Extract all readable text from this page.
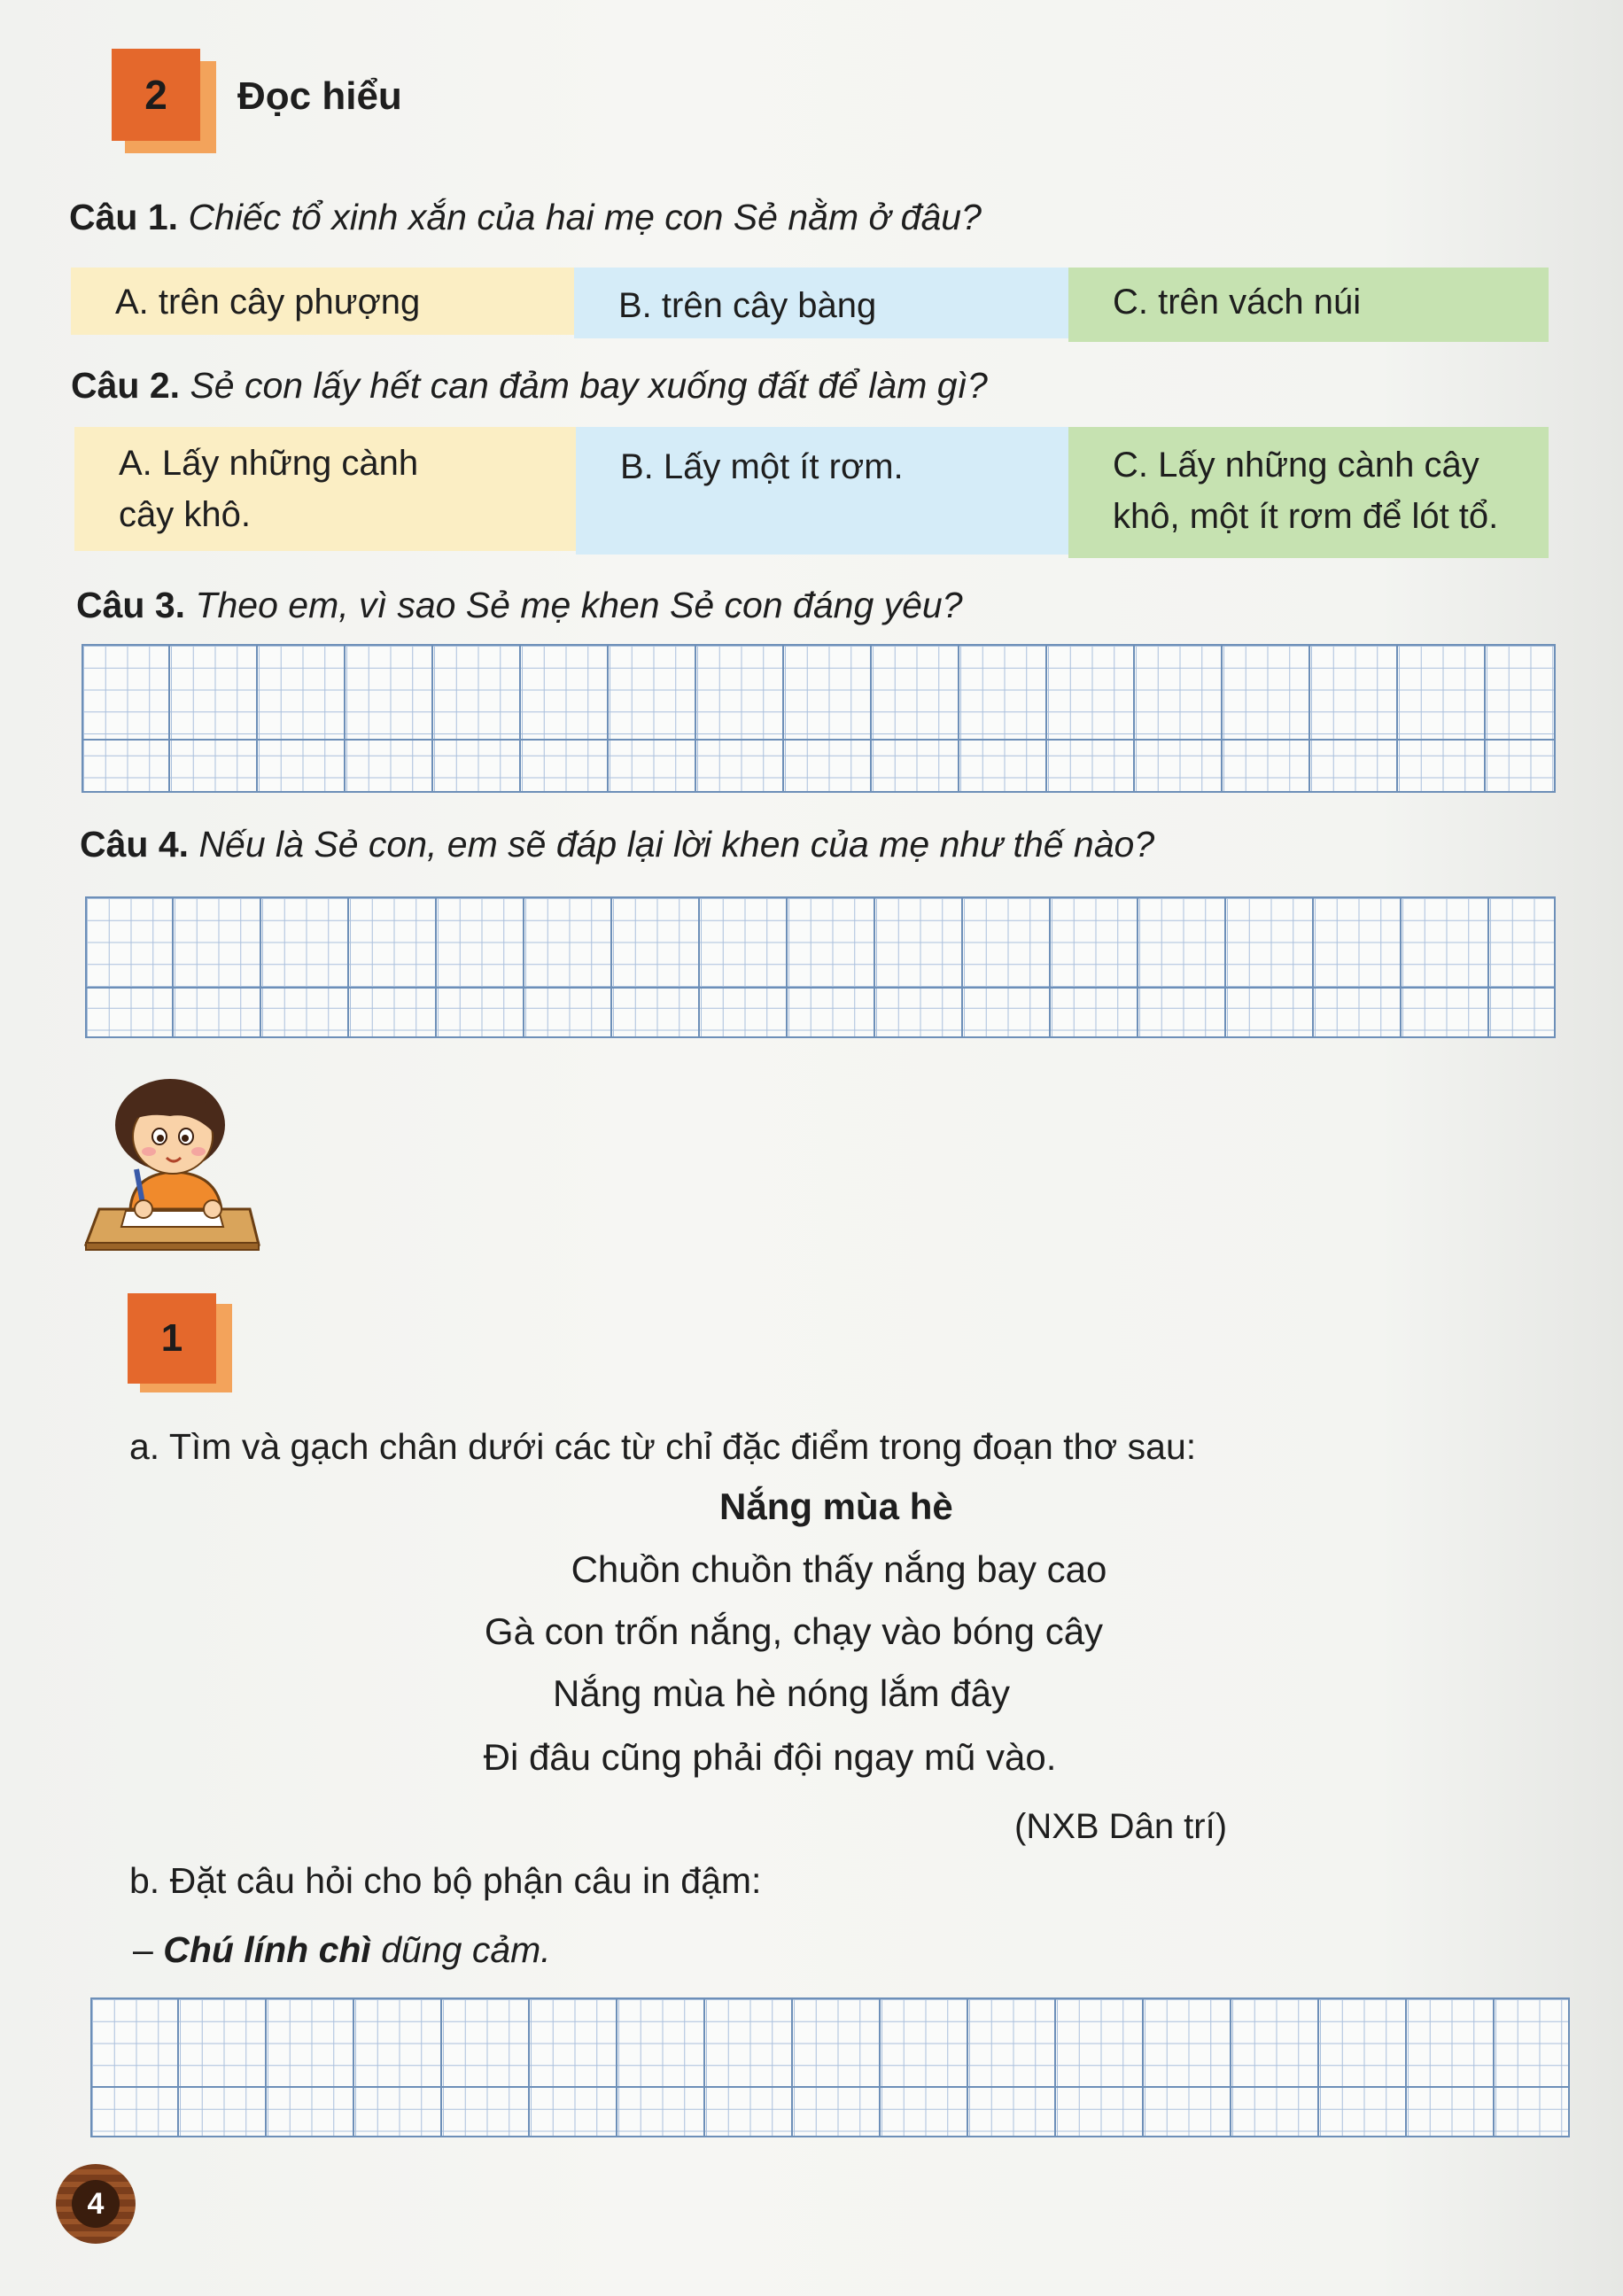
2	Đọc hiểu
Câu 1. Chiếc tổ xinh xắn của hai mẹ con Sẻ nằm ở đâu?
A. trên cây phượng	B. trên cây bàng	C. trên vách núi
Câu 2. Sẻ con lấy hết can đảm bay xuống đất để làm gì?
A. Lấy những cành
cây khô.
B. Lấy một ít rơm.	C. Lấy những cành cây
khô, một ít rơm để lót tổ.
Câu 3. Theo em, vì sao Sẻ mẹ khen Sẻ con đáng yêu?
Câu 4. Nếu là Sẻ con, em sẽ đáp lại lời khen của mẹ như thế nào?
1
a. Tìm và gạch chân dưới các từ chỉ đặc điểm trong đoạn thơ sau:
Nắng mùa hè
Chuồn chuồn thấy nắng bay cao
Gà con trốn nắng, chạy vào bóng cây
Nắng mùa hè nóng lắm đây
Đi đâu cũng phải đội ngay mũ vào.
(NXB Dân trí)
b. Đặt câu hỏi cho bộ phận câu in đậm:
– Chú lính chì dũng cảm.
4
